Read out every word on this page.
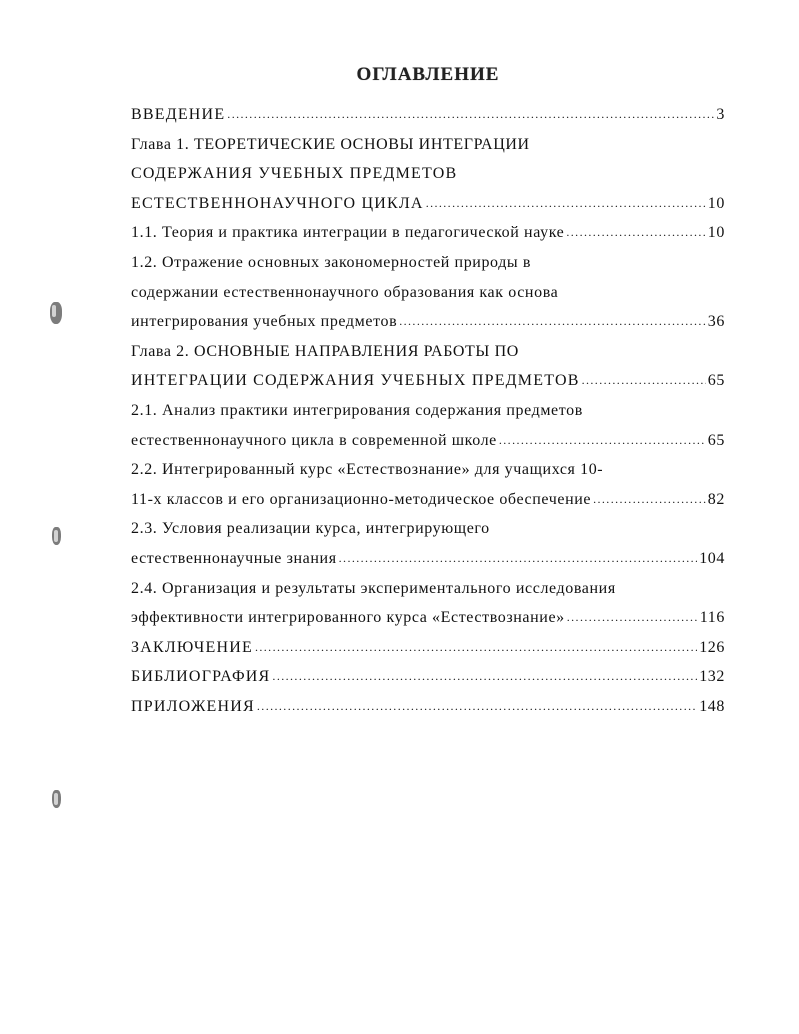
ОГЛАВЛЕНИЕ
ВВЕДЕНИЕ .....	3
Глава 1. ТЕОРЕТИЧЕСКИЕ ОСНОВЫ ИНТЕГРАЦИИ
СОДЕРЖАНИЯ УЧЕБНЫХ ПРЕДМЕТОВ
ЕСТЕСТВЕННОНАУЧНОГО ЦИКЛА .....	10
1.1. Теория и практика интеграции в педагогической науке .....	10
1.2. Отражение основных закономерностей природы в
содержании естественнонаучного образования как основа
интегрирования учебных предметов .....	36
Глава 2. ОСНОВНЫЕ НАПРАВЛЕНИЯ РАБОТЫ ПО
ИНТЕГРАЦИИ СОДЕРЖАНИЯ УЧЕБНЫХ ПРЕДМЕТОВ .....	65
2.1. Анализ практики интегрирования содержания предметов
естественнонаучного цикла в современной школе .....	65
2.2. Интегрированный курс «Естествознание» для учащихся 10-
11-х классов и его организационно-методическое обеспечение .....	82
2.3. Условия реализации курса, интегрирующего
естественнонаучные знания .....	104
2.4. Организация и результаты экспериментального исследования
эффективности интегрированного курса «Естествознание» .....	116
ЗАКЛЮЧЕНИЕ .....	126
БИБЛИОГРАФИЯ .....	132
ПРИЛОЖЕНИЯ .....	148
